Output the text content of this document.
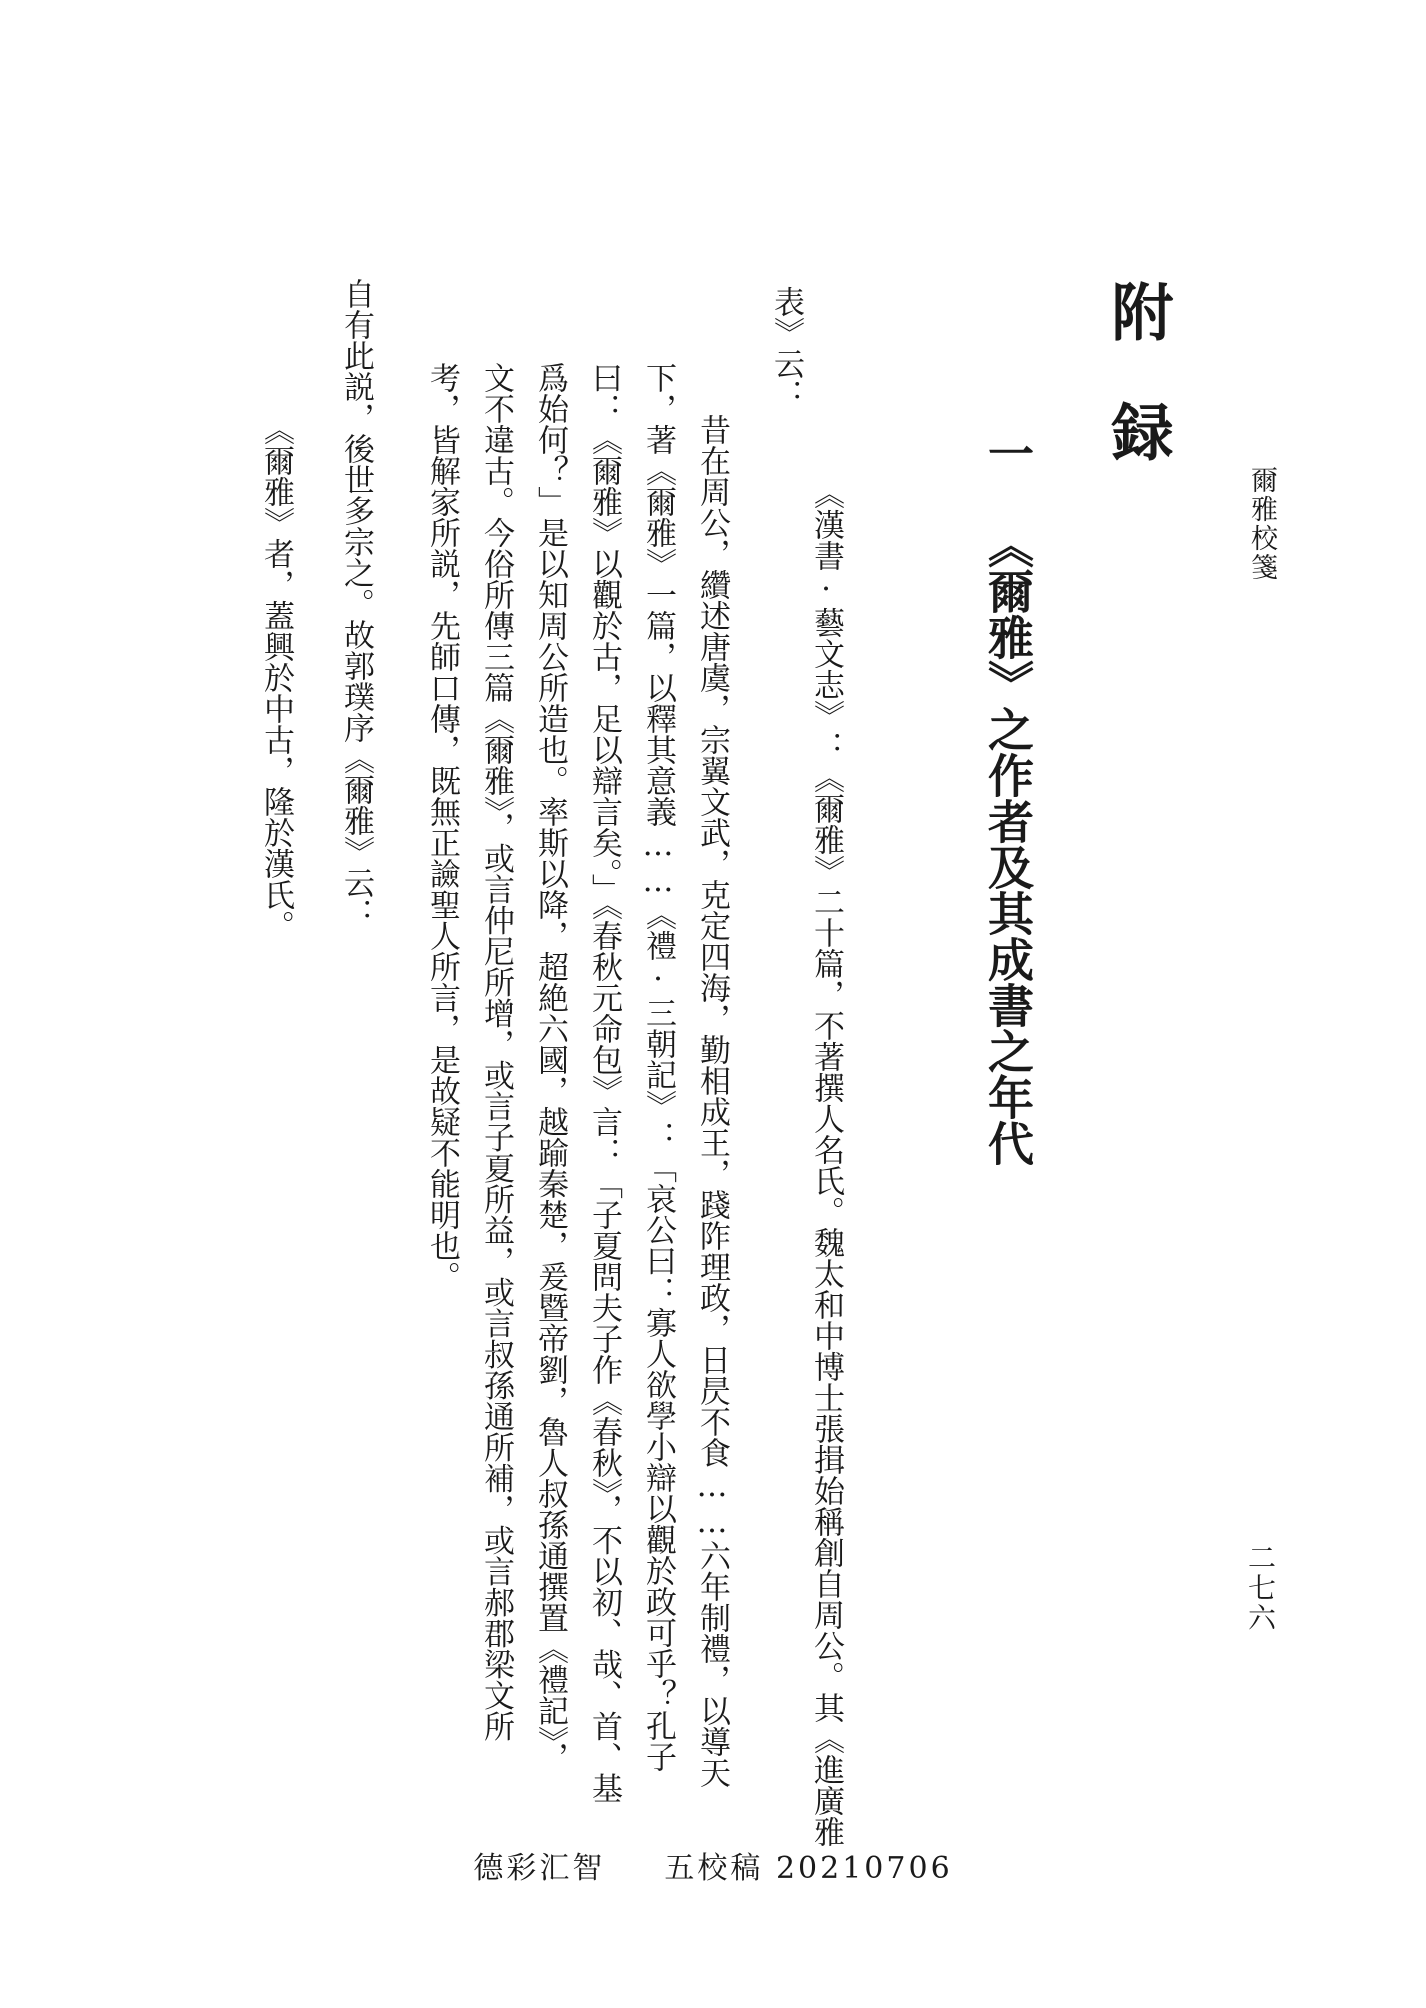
爾雅校箋
二七六
附録
一《爾雅》之作者及其成書之年代
《漢書·藝文志》：《爾雅》二十篇，不著撰人名氏。魏太和中博士張揖始稱創自周公。其《進廣雅
表》云：
昔在周公，纘述唐虞，宗翼文武，克定四海，勤相成王，踐阼理政，日昃不食……六年制禮，以導天
下，著《爾雅》一篇，以釋其意義……《禮·三朝記》：「哀公曰：寡人欲學小辯以觀於政可乎？孔子
曰：《爾雅》以觀於古，足以辯言矣。」《春秋元命包》言：「子夏問夫子作《春秋》，不以初、哉、首、基
爲始何？」是以知周公所造也。率斯以降，超絶六國，越踰秦楚，爰暨帝劉，魯人叔孫通撰置《禮記》，
文不違古。今俗所傳三篇《爾雅》，或言仲尼所增，或言子夏所益，或言叔孫通所補，或言郝郡梁文所
考，皆解家所説，先師口傳，既無正譣聖人所言，是故疑不能明也。
自有此説，後世多宗之。故郭璞序《爾雅》云：
《爾雅》者，蓋興於中古，隆於漢氏。
德彩汇智 五校稿 20210706
